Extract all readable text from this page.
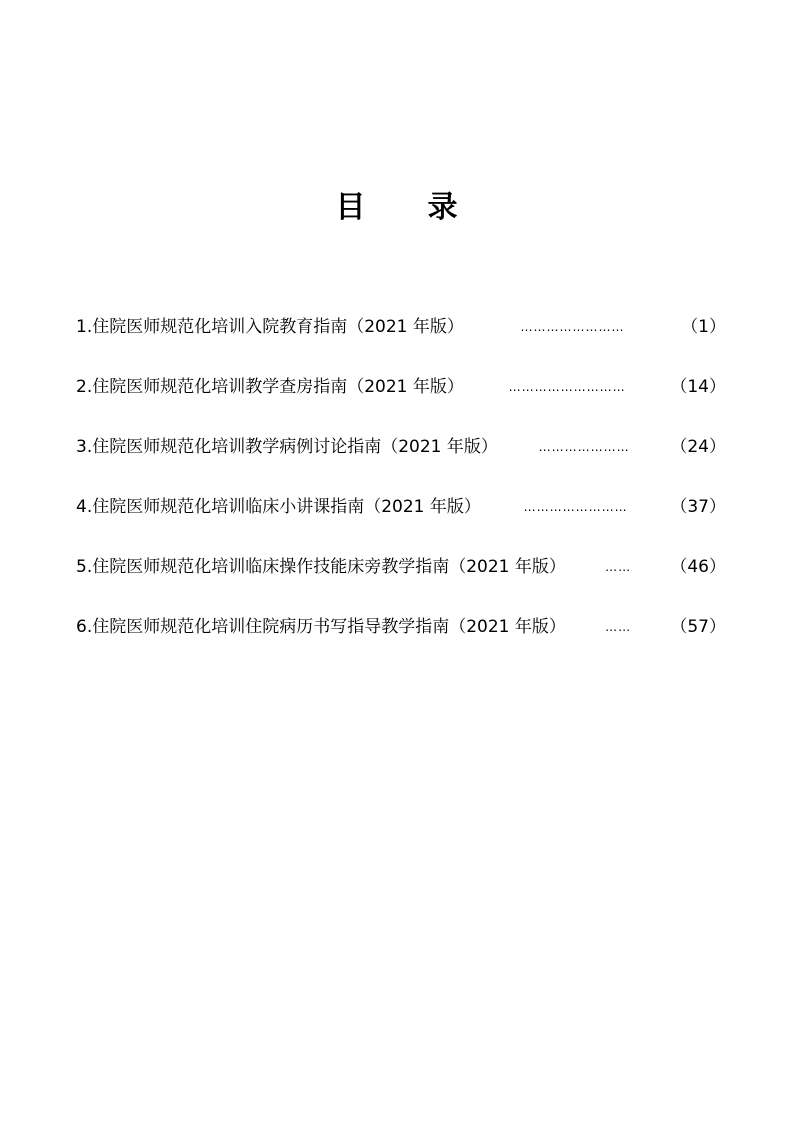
目 录
1. 住院医师规范化培训入院教育指南（2021 年版）	……………………	（1）
2. 住院医师规范化培训教学查房指南（2021 年版）	………………………	（14）
3. 住院医师规范化培训教学病例讨论指南（2021 年版）	…………………	（24）
4. 住院医师规范化培训临床小讲课指南（2021 年版）	……………………	（37）
5. 住院医师规范化培训临床操作技能床旁教学指南（2021 年版）	……	（46）
6. 住院医师规范化培训住院病历书写指导教学指南（2021 年版）	……	（57）
